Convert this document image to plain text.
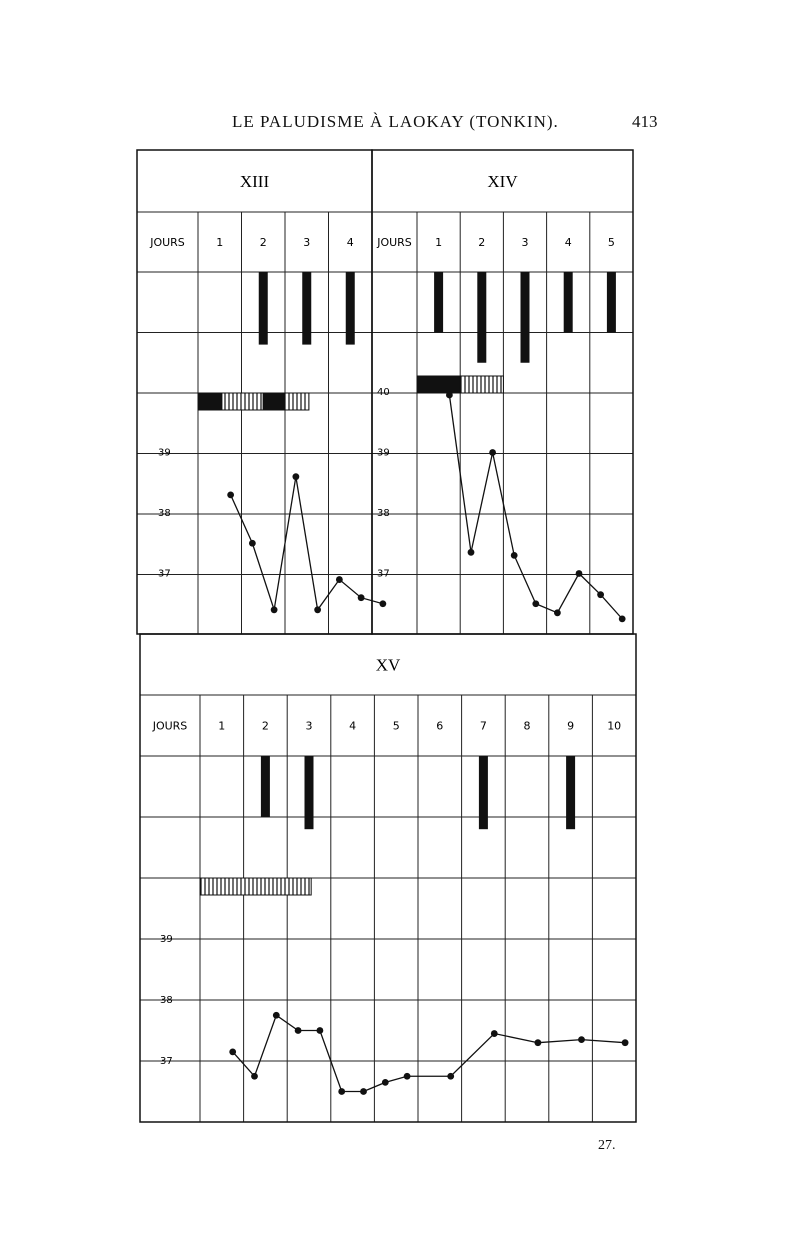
LE PALUDISME À LAOKAY (TONKIN).	413
XIII
JOURS	1	2	3	4
39
38
37
XIV
JOURS 1	2	3	4	5
40
39
38
37
XV
JOURS	1	2	3	4	5	6	7	8	9	10
39
38
37
27.
